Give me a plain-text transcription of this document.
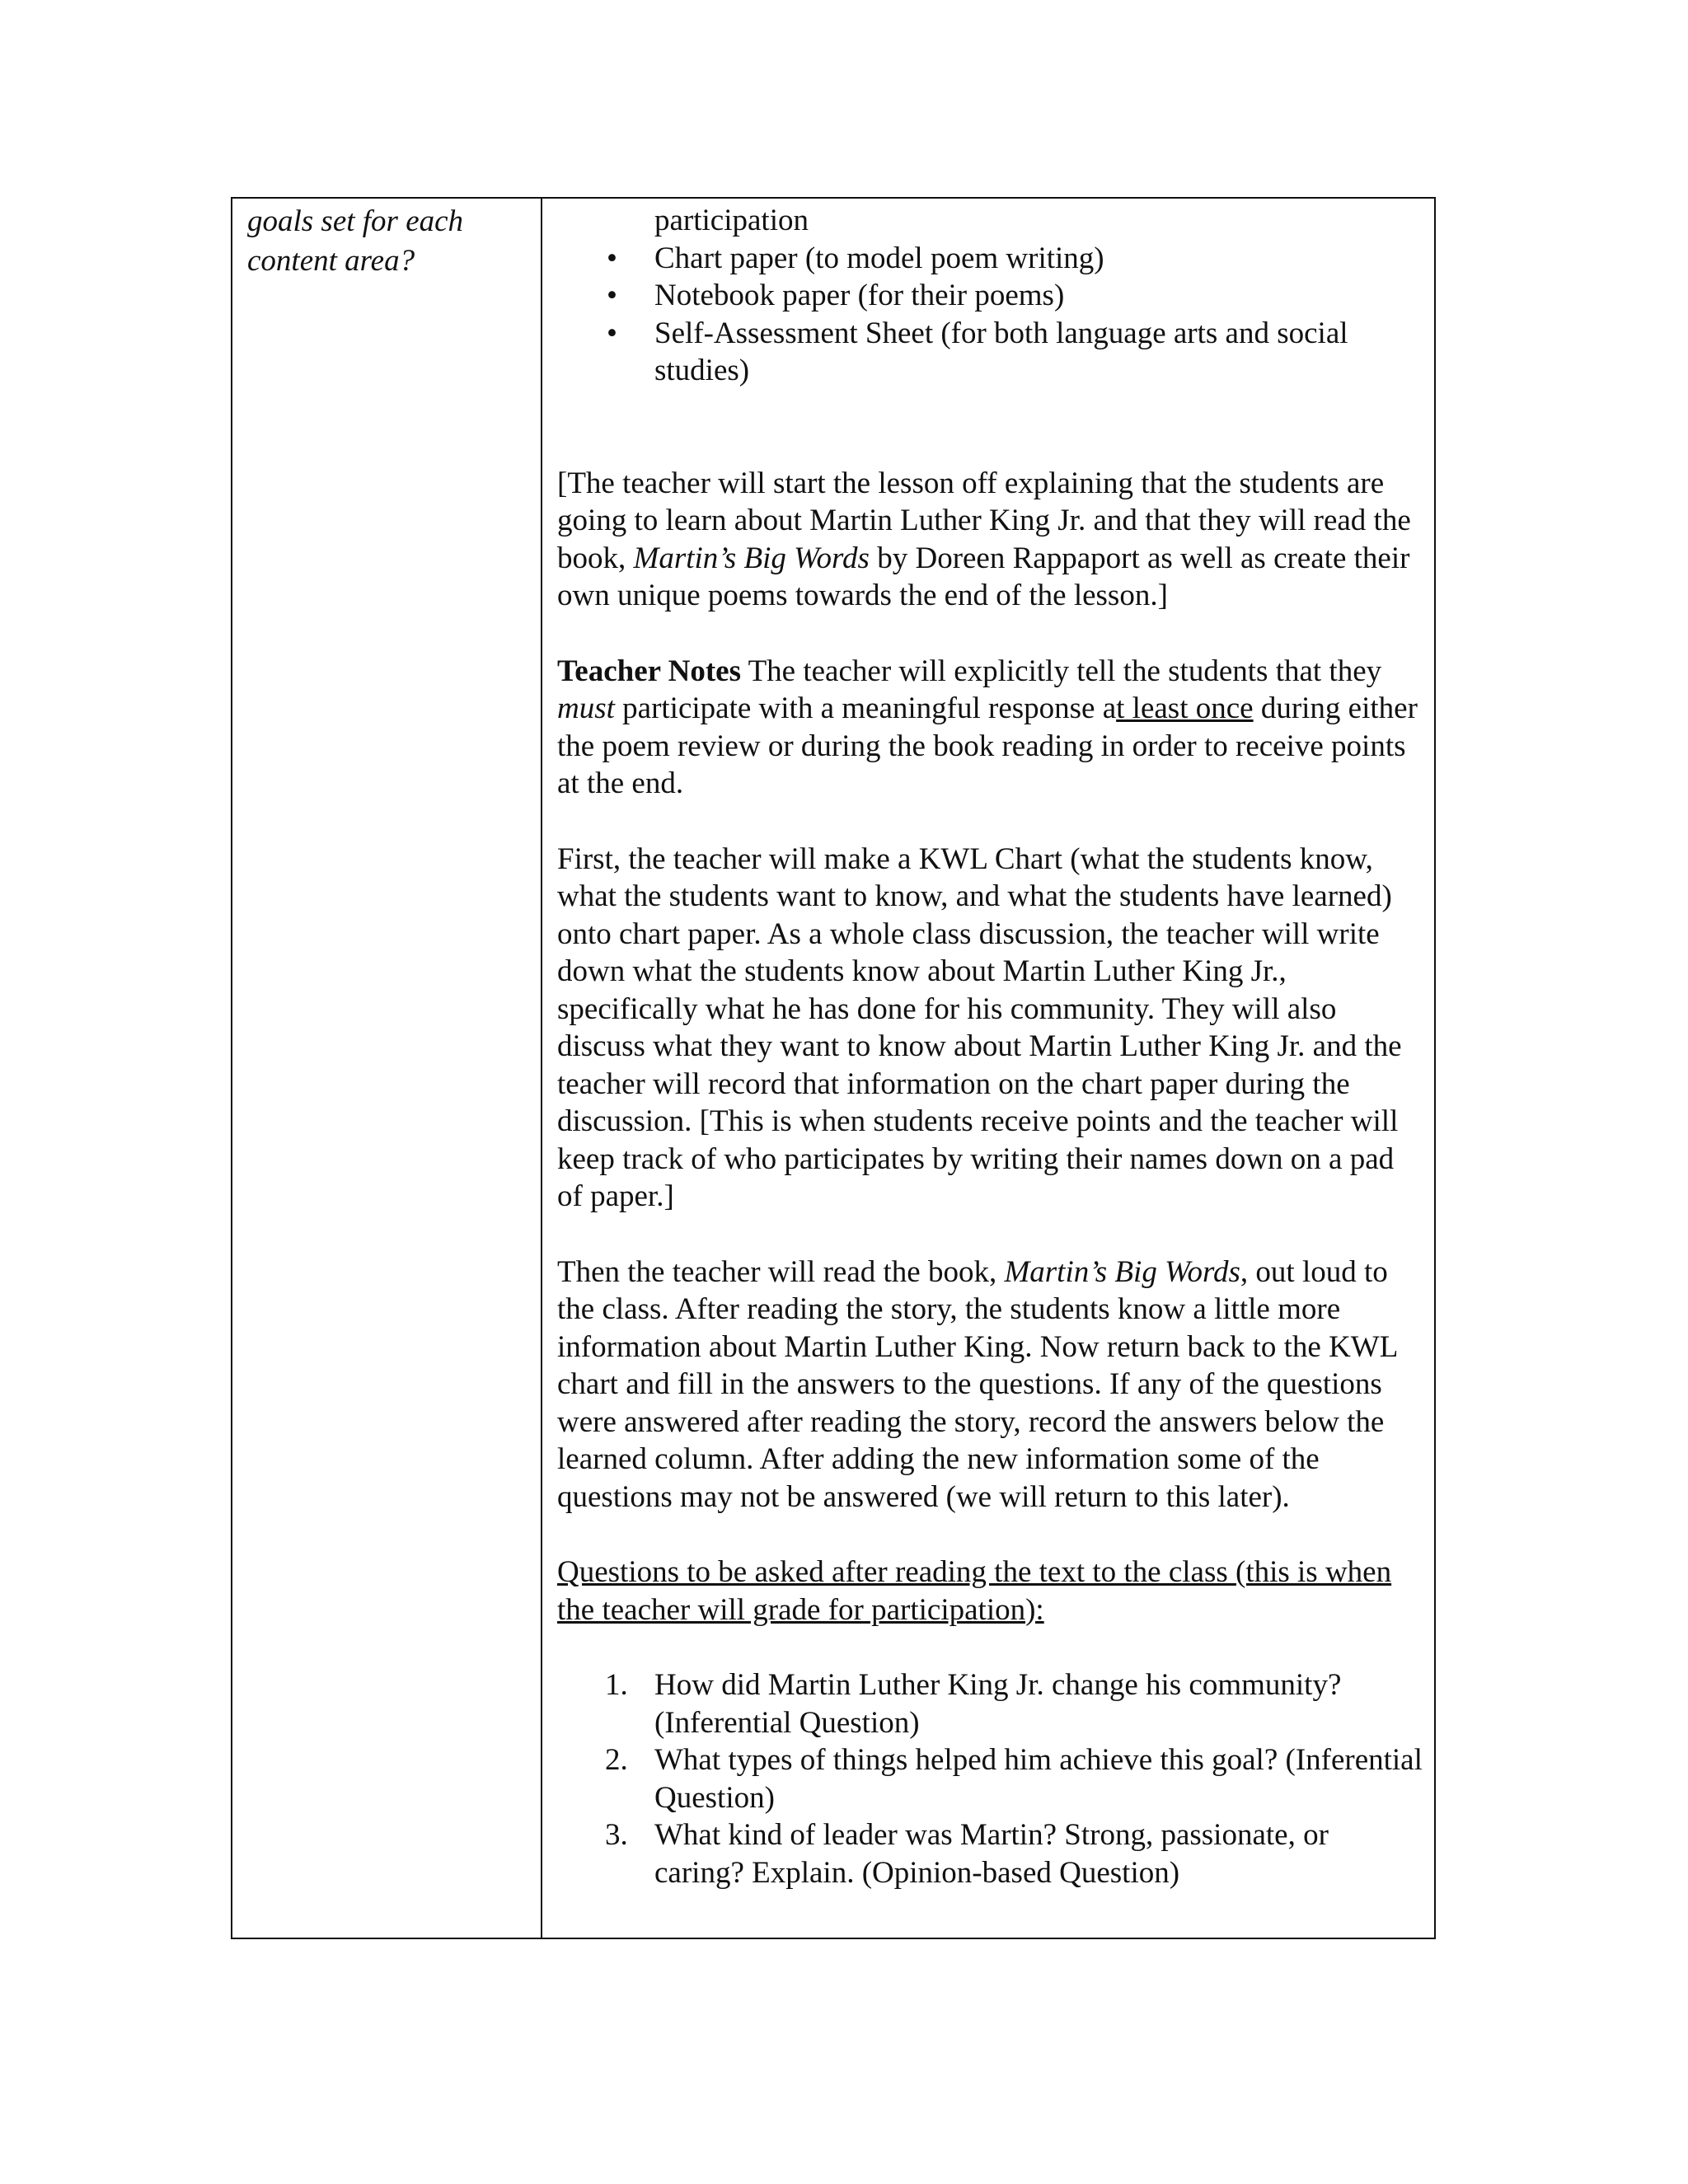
goals set for each
content area?
participation
• Chart paper (to model poem writing)
• Notebook paper (for their poems)
• Self-Assessment Sheet (for both language arts and social studies)

[The teacher will start the lesson off explaining that the students are going to learn about Martin Luther King Jr. and that they will read the book, Martin’s Big Words by Doreen Rappaport as well as create their own unique poems towards the end of the lesson.]

Teacher Notes The teacher will explicitly tell the students that they must participate with a meaningful response at least once during either the poem review or during the book reading in order to receive points at the end.

First, the teacher will make a KWL Chart (what the students know, what the students want to know, and what the students have learned) onto chart paper. As a whole class discussion, the teacher will write down what the students know about Martin Luther King Jr., specifically what he has done for his community. They will also discuss what they want to know about Martin Luther King Jr. and the teacher will record that information on the chart paper during the discussion. [This is when students receive points and the teacher will keep track of who participates by writing their names down on a pad of paper.]

Then the teacher will read the book, Martin’s Big Words, out loud to the class. After reading the story, the students know a little more information about Martin Luther King. Now return back to the KWL chart and fill in the answers to the questions. If any of the questions were answered after reading the story, record the answers below the learned column. After adding the new information some of the questions may not be answered (we will return to this later).

Questions to be asked after reading the text to the class (this is when the teacher will grade for participation):

1. How did Martin Luther King Jr. change his community? (Inferential Question)
2. What types of things helped him achieve this goal? (Inferential Question)
3. What kind of leader was Martin? Strong, passionate, or caring? Explain. (Opinion-based Question)
